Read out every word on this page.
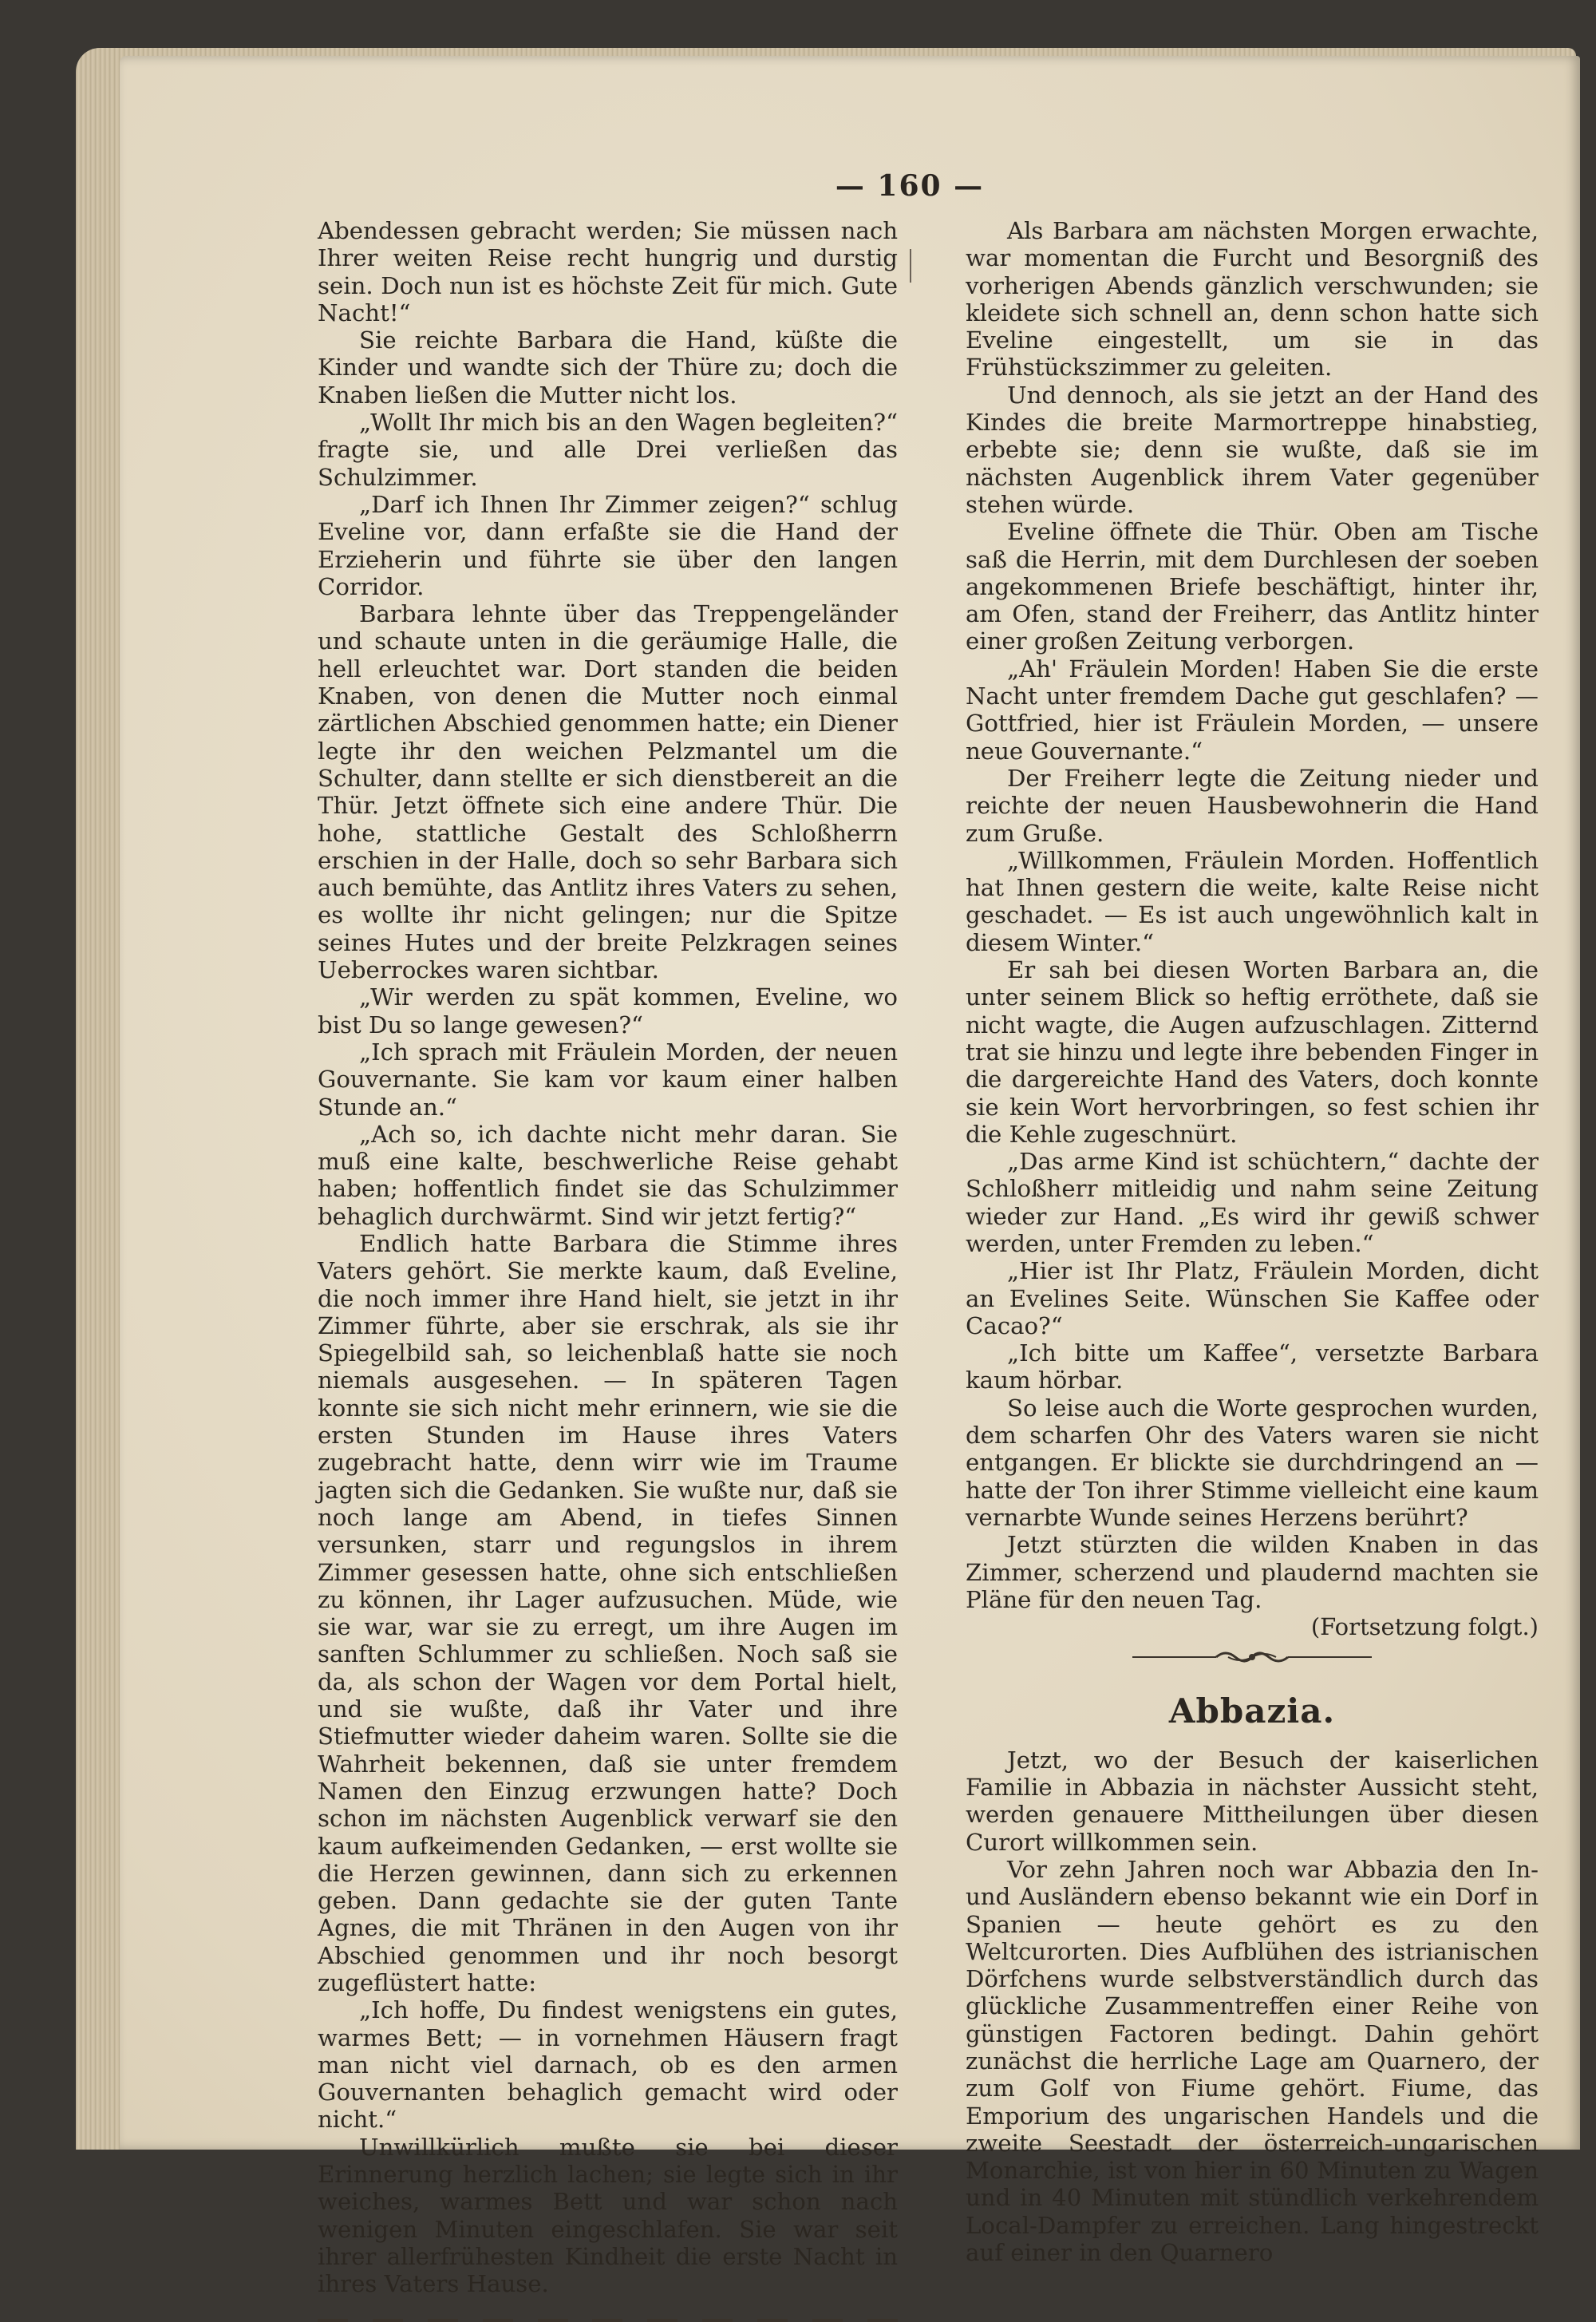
— 160 —

Abendessen gebracht werden; Sie müssen nach Ihrer weiten Reise recht hungrig und durstig sein. Doch nun ist es höchste Zeit für mich. Gute Nacht!“

Sie reichte Barbara die Hand, küßte die Kinder und wandte sich der Thüre zu; doch die Knaben ließen die Mutter nicht los.

„Wollt Ihr mich bis an den Wagen begleiten?“ fragte sie, und alle Drei verließen das Schulzimmer.

„Darf ich Ihnen Ihr Zimmer zeigen?“ schlug Eveline vor, dann erfaßte sie die Hand der Erzieherin und führte sie über den langen Corridor.

Barbara lehnte über das Treppengeländer und schaute unten in die geräumige Halle, die hell erleuchtet war. Dort standen die beiden Knaben, von denen die Mutter noch einmal zärtlichen Abschied genommen hatte; ein Diener legte ihr den weichen Pelzmantel um die Schulter, dann stellte er sich dienstbereit an die Thür. Jetzt öffnete sich eine andere Thür. Die hohe, stattliche Gestalt des Schloßherrn erschien in der Halle, doch so sehr Barbara sich auch bemühte, das Antlitz ihres Vaters zu sehen, es wollte ihr nicht gelingen; nur die Spitze seines Hutes und der breite Pelzkragen seines Ueberrockes waren sichtbar.

„Wir werden zu spät kommen, Eveline, wo bist Du so lange gewesen?“

„Ich sprach mit Fräulein Morden, der neuen Gouvernante. Sie kam vor kaum einer halben Stunde an.“

„Ach so, ich dachte nicht mehr daran. Sie muß eine kalte, beschwerliche Reise gehabt haben; hoffentlich findet sie das Schulzimmer behaglich durchwärmt. Sind wir jetzt fertig?“

Endlich hatte Barbara die Stimme ihres Vaters gehört. Sie merkte kaum, daß Eveline, die noch immer ihre Hand hielt, sie jetzt in ihr Zimmer führte, aber sie erschrak, als sie ihr Spiegelbild sah, so leichenblaß hatte sie noch niemals ausgesehen. — In späteren Tagen konnte sie sich nicht mehr erinnern, wie sie die ersten Stunden im Hause ihres Vaters zugebracht hatte, denn wirr wie im Traume jagten sich die Gedanken. Sie wußte nur, daß sie noch lange am Abend, in tiefes Sinnen versunken, starr und regungslos in ihrem Zimmer gesessen hatte, ohne sich entschließen zu können, ihr Lager aufzusuchen. Müde, wie sie war, war sie zu erregt, um ihre Augen im sanften Schlummer zu schließen. Noch saß sie da, als schon der Wagen vor dem Portal hielt, und sie wußte, daß ihr Vater und ihre Stiefmutter wieder daheim waren. Sollte sie die Wahrheit bekennen, daß sie unter fremdem Namen den Einzug erzwungen hatte? Doch schon im nächsten Augenblick verwarf sie den kaum aufkeimenden Gedanken, — erst wollte sie die Herzen gewinnen, dann sich zu erkennen geben. Dann gedachte sie der guten Tante Agnes, die mit Thränen in den Augen von ihr Abschied genommen und ihr noch besorgt zugeflüstert hatte:

„Ich hoffe, Du findest wenigstens ein gutes, warmes Bett; — in vornehmen Häusern fragt man nicht viel darnach, ob es den armen Gouvernanten behaglich gemacht wird oder nicht.“

Unwillkürlich mußte sie bei dieser Erinnerung herzlich lachen; sie legte sich in ihr weiches, warmes Bett und war schon nach wenigen Minuten eingeschlafen. Sie war seit ihrer allerfrühesten Kindheit die erste Nacht in ihres Vaters Hause.

Als Barbara am nächsten Morgen erwachte, war momentan die Furcht und Besorgniß des vorherigen Abends gänzlich verschwunden; sie kleidete sich schnell an, denn schon hatte sich Eveline eingestellt, um sie in das Frühstückszimmer zu geleiten.

Und dennoch, als sie jetzt an der Hand des Kindes die breite Marmortreppe hinabstieg, erbebte sie; denn sie wußte, daß sie im nächsten Augenblick ihrem Vater gegenüber stehen würde.

Eveline öffnete die Thür. Oben am Tische saß die Herrin, mit dem Durchlesen der soeben angekommenen Briefe beschäftigt, hinter ihr, am Ofen, stand der Freiherr, das Antlitz hinter einer großen Zeitung verborgen.

„Ah' Fräulein Morden! Haben Sie die erste Nacht unter fremdem Dache gut geschlafen? — Gottfried, hier ist Fräulein Morden, — unsere neue Gouvernante.“

Der Freiherr legte die Zeitung nieder und reichte der neuen Hausbewohnerin die Hand zum Gruße.

„Willkommen, Fräulein Morden. Hoffentlich hat Ihnen gestern die weite, kalte Reise nicht geschadet. — Es ist auch ungewöhnlich kalt in diesem Winter.“

Er sah bei diesen Worten Barbara an, die unter seinem Blick so heftig erröthete, daß sie nicht wagte, die Augen aufzuschlagen. Zitternd trat sie hinzu und legte ihre bebenden Finger in die dargereichte Hand des Vaters, doch konnte sie kein Wort hervorbringen, so fest schien ihr die Kehle zugeschnürt.

„Das arme Kind ist schüchtern,“ dachte der Schloßherr mitleidig und nahm seine Zeitung wieder zur Hand. „Es wird ihr gewiß schwer werden, unter Fremden zu leben.“

„Hier ist Ihr Platz, Fräulein Morden, dicht an Evelines Seite. Wünschen Sie Kaffee oder Cacao?“

„Ich bitte um Kaffee“, versetzte Barbara kaum hörbar.

So leise auch die Worte gesprochen wurden, dem scharfen Ohr des Vaters waren sie nicht entgangen. Er blickte sie durchdringend an — hatte der Ton ihrer Stimme vielleicht eine kaum vernarbte Wunde seines Herzens berührt?

Jetzt stürzten die wilden Knaben in das Zimmer, scherzend und plaudernd machten sie Pläne für den neuen Tag.

(Fortsetzung folgt.)

Abbazia.

Jetzt, wo der Besuch der kaiserlichen Familie in Abbazia in nächster Aussicht steht, werden genauere Mittheilungen über diesen Curort willkommen sein.

Vor zehn Jahren noch war Abbazia den In- und Ausländern ebenso bekannt wie ein Dorf in Spanien — heute gehört es zu den Weltcurorten. Dies Aufblühen des istrianischen Dörfchens wurde selbstverständlich durch das glückliche Zusammentreffen einer Reihe von günstigen Factoren bedingt. Dahin gehört zunächst die herrliche Lage am Quarnero, der zum Golf von Fiume gehört. Fiume, das Emporium des ungarischen Handels und die zweite Seestadt der österreich-ungarischen Monarchie, ist von hier in 60 Minuten zu Wagen und in 40 Minuten mit stündlich verkehrendem Local-Dampfer zu erreichen. Lang hingestreckt auf einer in den Quarnero
